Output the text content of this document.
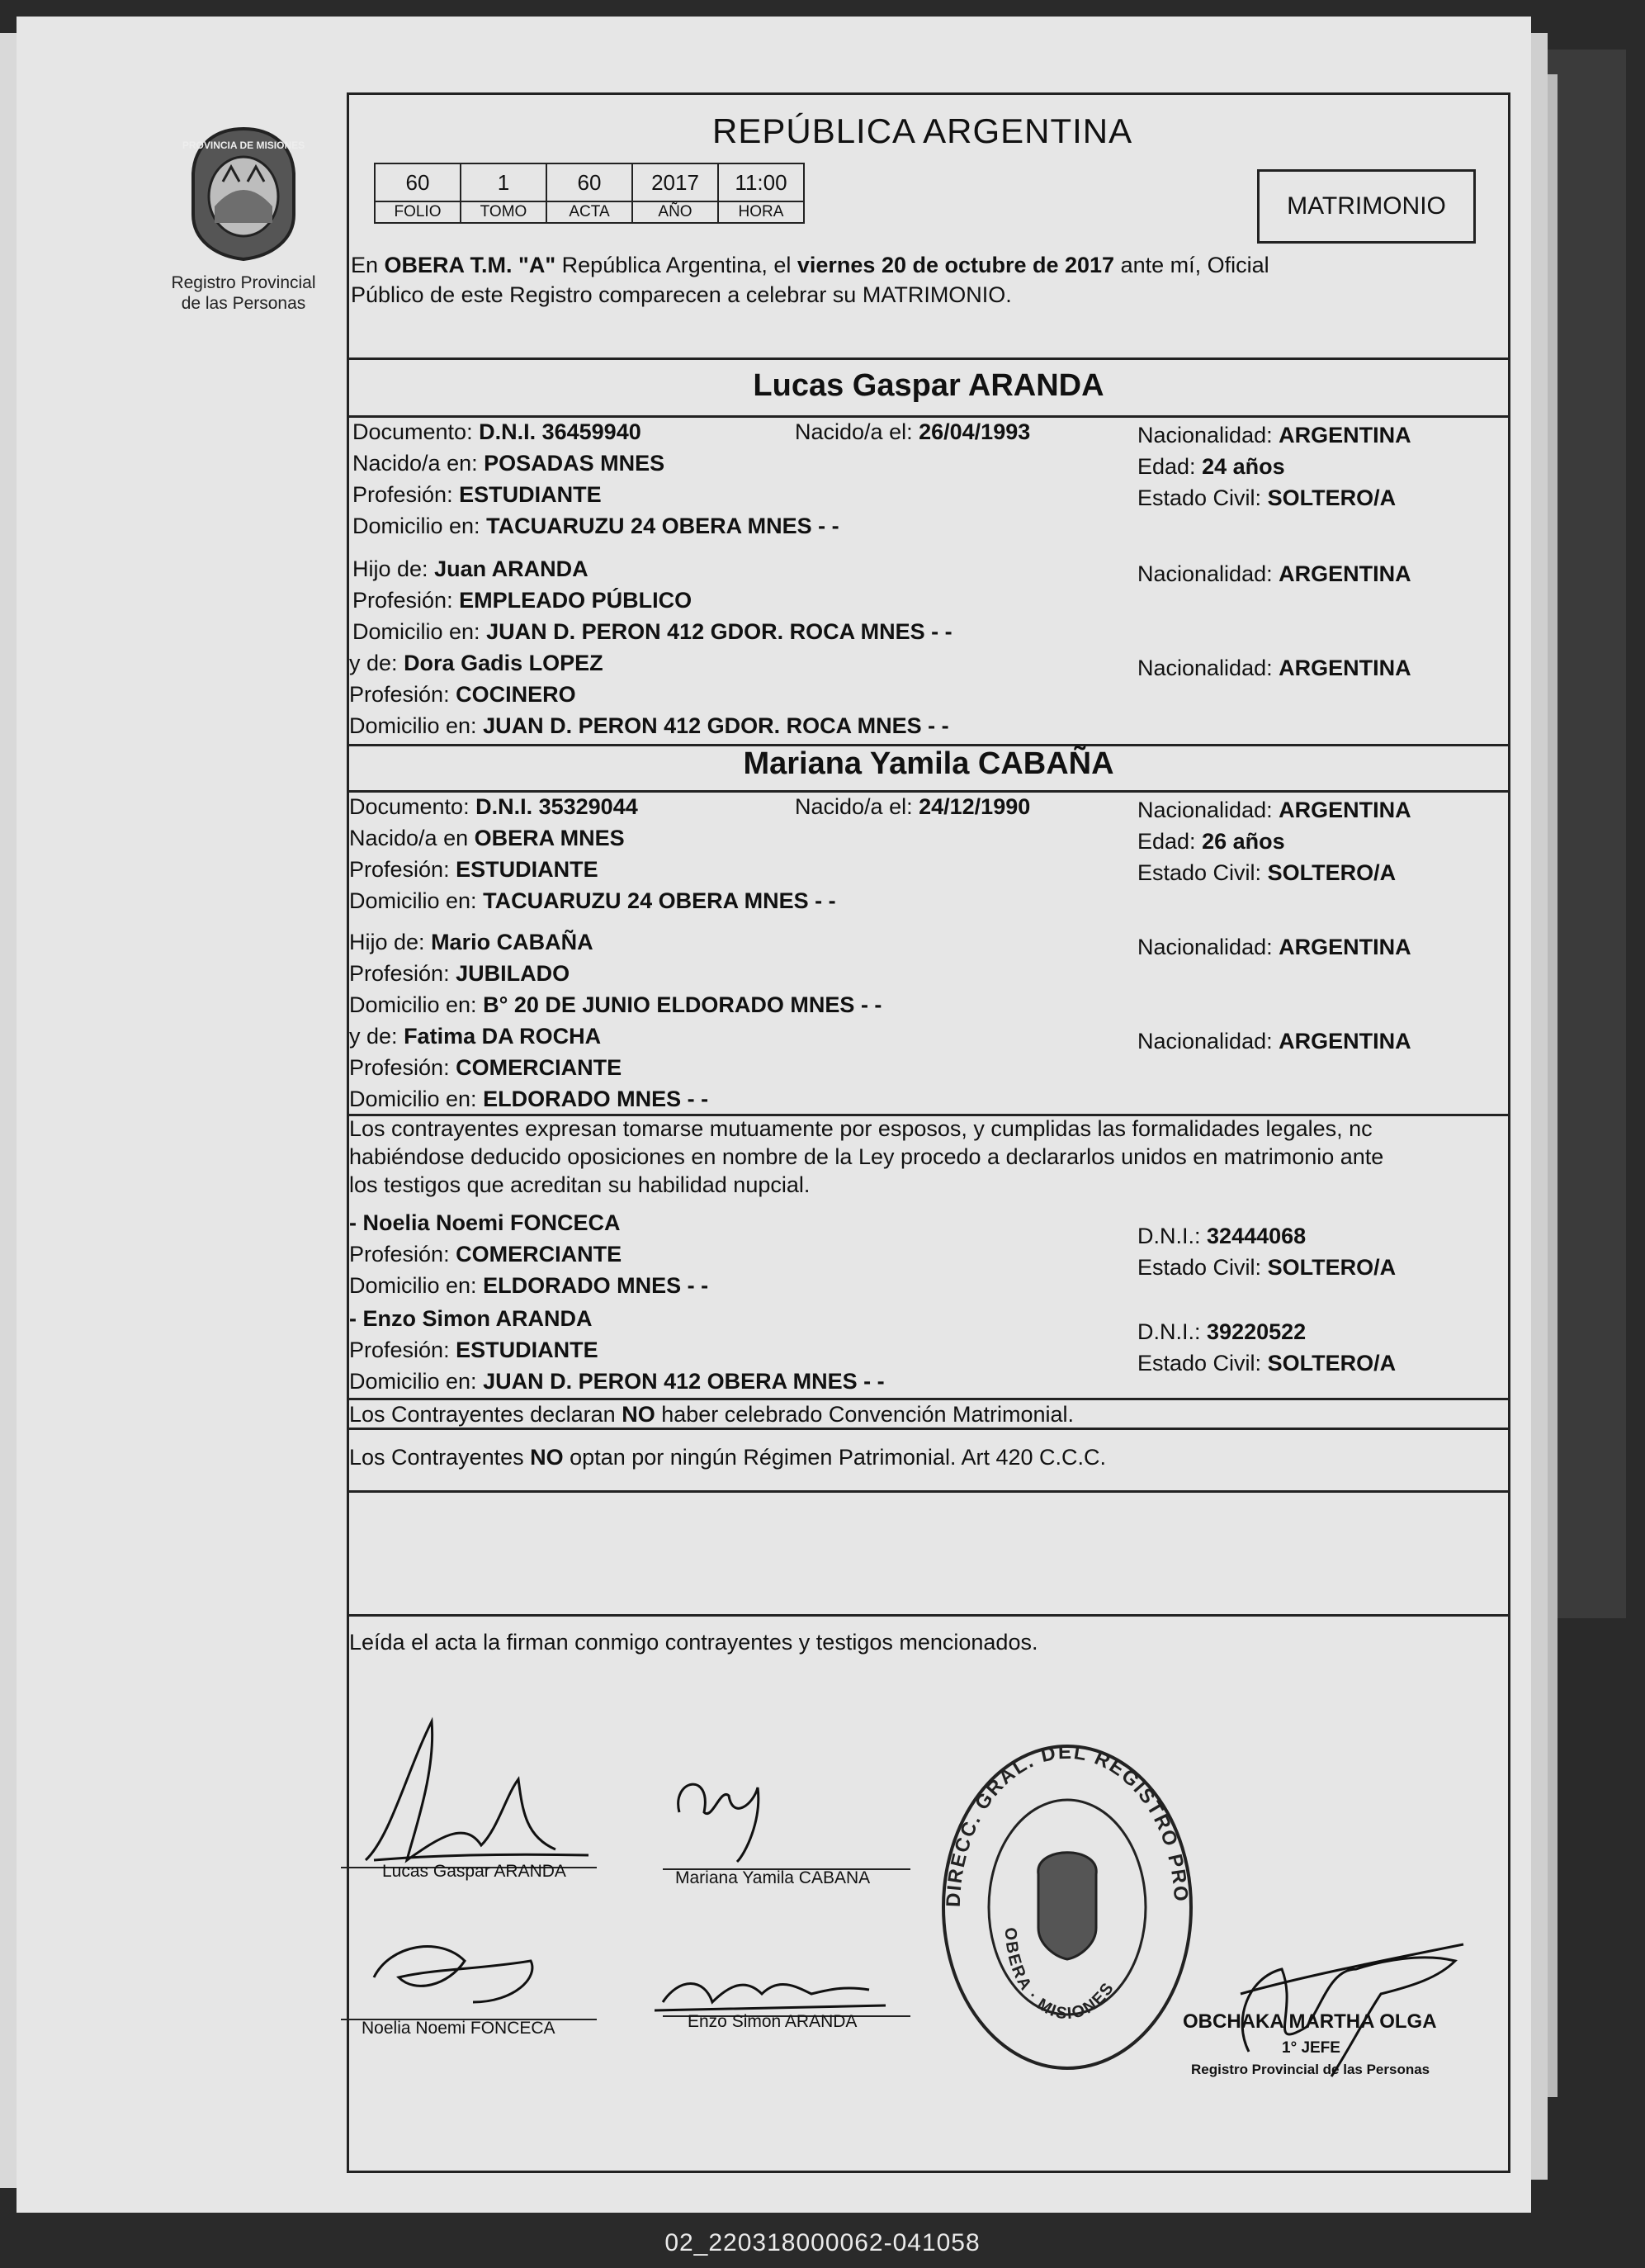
PROVINCIA DE MISIONES
Registro Provincial
de las Personas
REPÚBLICA ARGENTINA
60	1	60	2017	11:00
FOLIO	TOMO	ACTA	AÑO	HORA	MATRIMONIO
En OBERA T.M. "A" República Argentina, el viernes 20 de octubre de 2017 ante mí, Oficial
Público de este Registro comparecen a celebrar su MATRIMONIO.
Lucas Gaspar ARANDA
Documento: D.N.I. 36459940	Nacido/a el: 26/04/1993	Nacionalidad: ARGENTINA
Nacido/a en: POSADAS MNES	Edad: 24 años
Profesión: ESTUDIANTE	Estado Civil: SOLTERO/A
Domicilio en: TACUARUZU 24 OBERA MNES - -
Hijo de: Juan ARANDA	Nacionalidad: ARGENTINA
Profesión: EMPLEADO PÚBLICO
Domicilio en: JUAN D. PERON 412 GDOR. ROCA MNES - -
y de: Dora Gadis LOPEZ	Nacionalidad: ARGENTINA
Profesión: COCINERO
Domicilio en: JUAN D. PERON 412 GDOR. ROCA MNES - -
Mariana Yamila CABAÑA
Documento: D.N.I. 35329044	Nacido/a el: 24/12/1990	Nacionalidad: ARGENTINA
Nacido/a en OBERA MNES	Edad: 26 años
Profesión: ESTUDIANTE	Estado Civil: SOLTERO/A
Domicilio en: TACUARUZU 24 OBERA MNES - -
Hijo de: Mario CABAÑA	Nacionalidad: ARGENTINA
Profesión: JUBILADO
Domicilio en: B° 20 DE JUNIO ELDORADO MNES - -
y de: Fatima DA ROCHA	Nacionalidad: ARGENTINA
Profesión: COMERCIANTE
Domicilio en: ELDORADO MNES - -
Los contrayentes expresan tomarse mutuamente por esposos, y cumplidas las formalidades legales, nc
habiéndose deducido oposiciones en nombre de la Ley procedo a declararlos unidos en matrimonio ante
los testigos que acreditan su habilidad nupcial.
- Noelia Noemi FONCECA
D.N.I.: 32444068
Profesión: COMERCIANTE
Estado Civil: SOLTERO/A
Domicilio en: ELDORADO MNES - -
- Enzo Simon ARANDA
D.N.I.: 39220522
Profesión: ESTUDIANTE
Estado Civil: SOLTERO/A
Domicilio en: JUAN D. PERON 412 OBERA MNES - -
Los Contrayentes declaran NO haber celebrado Convención Matrimonial.
Los Contrayentes NO optan por ningún Régimen Patrimonial. Art 420 C.C.C.
Leída el acta la firman conmigo contrayentes y testigos mencionados.
Lucas Gaspar ARANDA	Mariana Yamila CABANA
Noelia Noemi FONCECA	Enzo Simon ARANDA
DIRECC. GRAL. DEL REGISTRO PROVINCIAL DE LAS PERSONAS
OBERA · MISIONES
OBCHAKA MARTHA OLGA
1° JEFE
Registro Provincial de las Personas
02_220318000062-041058
